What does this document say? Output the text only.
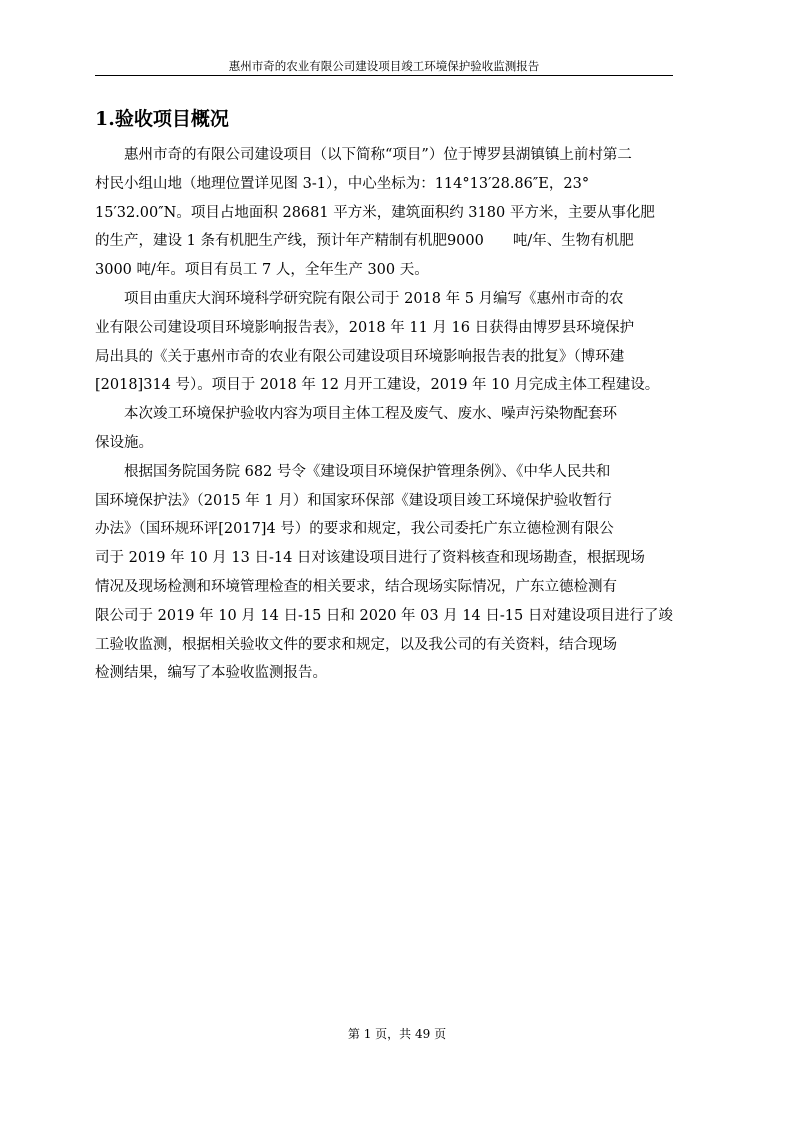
惠州市奇的农业有限公司建设项目竣工环境保护验收监测报告
1.验收项目概况

惠州市奇的有限公司建设项目（以下简称“项目”）位于博罗县湖镇镇上前村第二
村民小组山地（地理位置详见图 3-1），中心坐标为：114°13′28.86″E，23°
15′32.00″N。项目占地面积 28681 平方米，建筑面积约 3180 平方米，主要从事化肥
的生产，建设 1 条有机肥生产线，预计年产精制有机肥9000　　吨/年、生物有机肥
3000 吨/年。项目有员工 7 人，全年生产 300 天。

项目由重庆大润环境科学研究院有限公司于 2018 年 5 月编写《惠州市奇的农
业有限公司建设项目环境影响报告表》，2018 年 11 月 16 日获得由博罗县环境保护
局出具的《关于惠州市奇的农业有限公司建设项目环境影响报告表的批复》（博环建
[2018]314 号）。项目于 2018 年 12 月开工建设，2019 年 10 月完成主体工程建设。

本次竣工环境保护验收内容为项目主体工程及废气、废水、噪声污染物配套环
保设施。

根据国务院国务院 682 号令《建设项目环境保护管理条例》、《中华人民共和
国环境保护法》（2015 年 1 月）和国家环保部《建设项目竣工环境保护验收暂行
办法》（国环规环评[2017]4 号）的要求和规定，我公司委托广东立德检测有限公
司于 2019 年 10 月 13 日-14 日对该建设项目进行了资料核查和现场勘查，根据现场
情况及现场检测和环境管理检查的相关要求，结合现场实际情况，广东立德检测有
限公司于 2019 年 10 月 14 日-15 日和 2020 年 03 月 14 日-15 日对建设项目进行了竣
工验收监测，根据相关验收文件的要求和规定，以及我公司的有关资料，结合现场
检测结果，编写了本验收监测报告。

第 1 页，共 49 页
